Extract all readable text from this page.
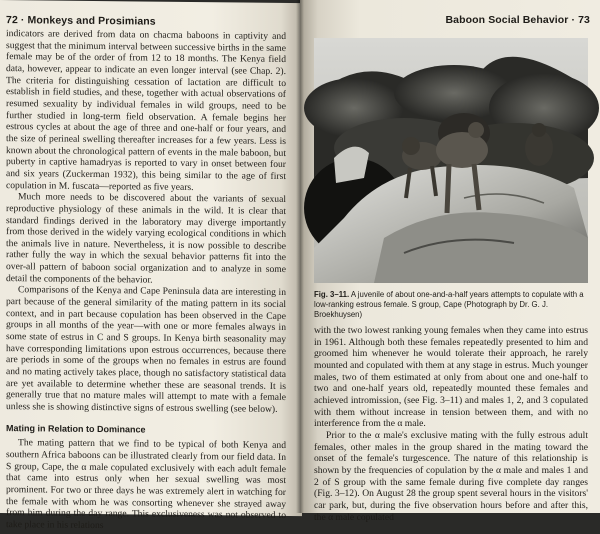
72 · Monkeys and Prosimians

indicators are derived from data on chacma baboons in captivity and suggest that the minimum interval between successive births in the same female may be of the order of from 12 to 18 months. The Kenya field data, however, appear to indicate an even longer interval (see Chap. 2). The criteria for distinguishing cessation of lactation are difficult to establish in field studies, and these, together with actual observations of resumed sexuality by individual females in wild groups, need to be further studied in long-term field observation. A female begins her estrous cycles at about the age of three and one-half or four years, and the size of perineal swelling thereafter increases for a few years. Less is known about the chronological pattern of events in the male baboon, but puberty in captive hamadryas is reported to vary in onset between four and six years (Zuckerman 1932), this being similar to the age of first copulation in M. fuscata—reported as five years.

Much more needs to be discovered about the variants of sexual reproductive physiology of these animals in the wild. It is clear that standard findings derived in the laboratory may diverge importantly from those derived in the widely varying ecological conditions in which the animals live in nature. Nevertheless, it is now possible to describe rather fully the way in which the sexual behavior patterns fit into the over-all pattern of baboon social organization and to analyze in some detail the components of the behavior.

Comparisons of the Kenya and Cape Peninsula data are interesting in part because of the general similarity of the mating pattern in its social context, and in part because copulation has been observed in the Cape groups in all months of the year—with one or more females always in some state of estrus in C and S groups. In Kenya birth seasonality may have corresponding limitations upon estrous occurrences, because there are periods in some of the groups when no females in estrus are found and no mating actively takes place, though no satisfactory statistical data are yet available to determine whether these are seasonal trends. It is generally true that no mature males will attempt to mate with a female unless she is showing distinctive signs of estrous swelling (see below).

Mating in Relation to Dominance

The mating pattern that we find to be typical of both Kenya and southern Africa baboons can be illustrated clearly from our field data. In S group, Cape, the α male copulated exclusively with each adult female that came into estrus only when her sexual swelling was most prominent. For two or three days he was extremely alert in watching for the female with whom he was consorting whenever she strayed away from him during the day range. This exclusiveness was not observed to take place in his relations

Baboon Social Behavior · 73
Fig. 3–11. A juvenile of about one-and-a-half years attempts to copulate with a low-ranking estrous female. S group, Cape (Photograph by Dr. G. J. Broekhuysen)

with the two lowest ranking young females when they came into estrus in 1961. Although both these females repeatedly presented to him and groomed him whenever he would tolerate their approach, he rarely mounted and copulated with them at any stage in estrus. Much younger males, two of them estimated at only from about one and one-half to two and one-half years old, repeatedly mounted these females and achieved intromission, (see Fig. 3–11) and males 1, 2, and 3 copulated with them without increase in tension between them, and with no interference from the α male.

Prior to the α male's exclusive mating with the fully estrous adult females, other males in the group shared in the mating toward the onset of the female's turgescence. The nature of this relationship is shown by the frequencies of copulation by the α male and males 1 and 2 of S group with the same female during five complete day ranges (Fig. 3–12). On August 28 the group spent several hours in the visitors' car park, but, during the five observation hours before and after this, the α male copulated
